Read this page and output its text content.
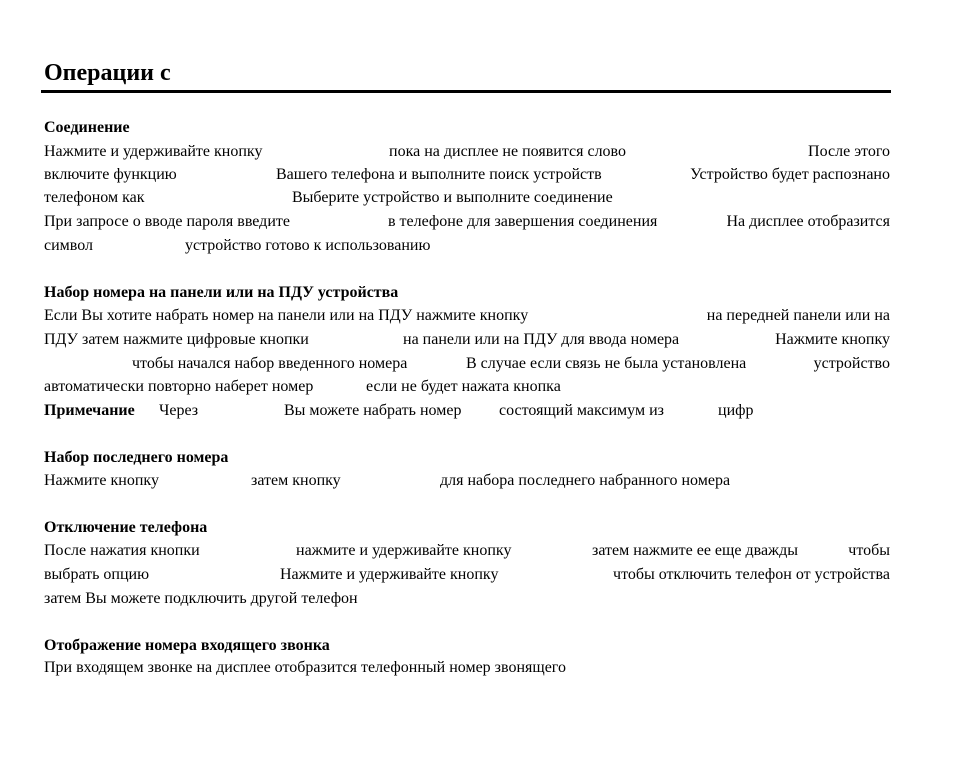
Операции с
Соединение
Нажмите и удерживайте кнопку	пока на дисплее не появится слово	После этого
включите функцию	Вашего телефона и выполните поиск устройств	Устройство будет распознано
телефоном как	Выберите устройство и выполните соединение
При запросе о вводе пароля введите	в телефоне для завершения соединения	На дисплее отобразится
символ	устройство готово к использованию
Набор номера на панели или на ПДУ устройства
Если Вы хотите набрать номер на панели или на ПДУ нажмите кнопку	на передней панели или на
ПДУ затем нажмите цифровые кнопки	на панели или на ПДУ для ввода номера	Нажмите кнопку
чтобы начался набор введенного номера	В случае если связь не была установлена	устройство
автоматически повторно наберет номер	если не будет нажата кнопка
Примечание Через	Вы можете набрать номер состоящий максимум из	цифр
Набор последнего номера
Нажмите кнопку	затем кнопку	для набора последнего набранного номера
Отключение телефона
После нажатия кнопки	нажмите и удерживайте кнопку	затем нажмите ее еще дважды	чтобы
выбрать опцию	Нажмите и удерживайте кнопку	чтобы отключить телефон от устройства
затем Вы можете подключить другой телефон
Отображение номера входящего звонка
При входящем звонке на дисплее отобразится телефонный номер звонящего
